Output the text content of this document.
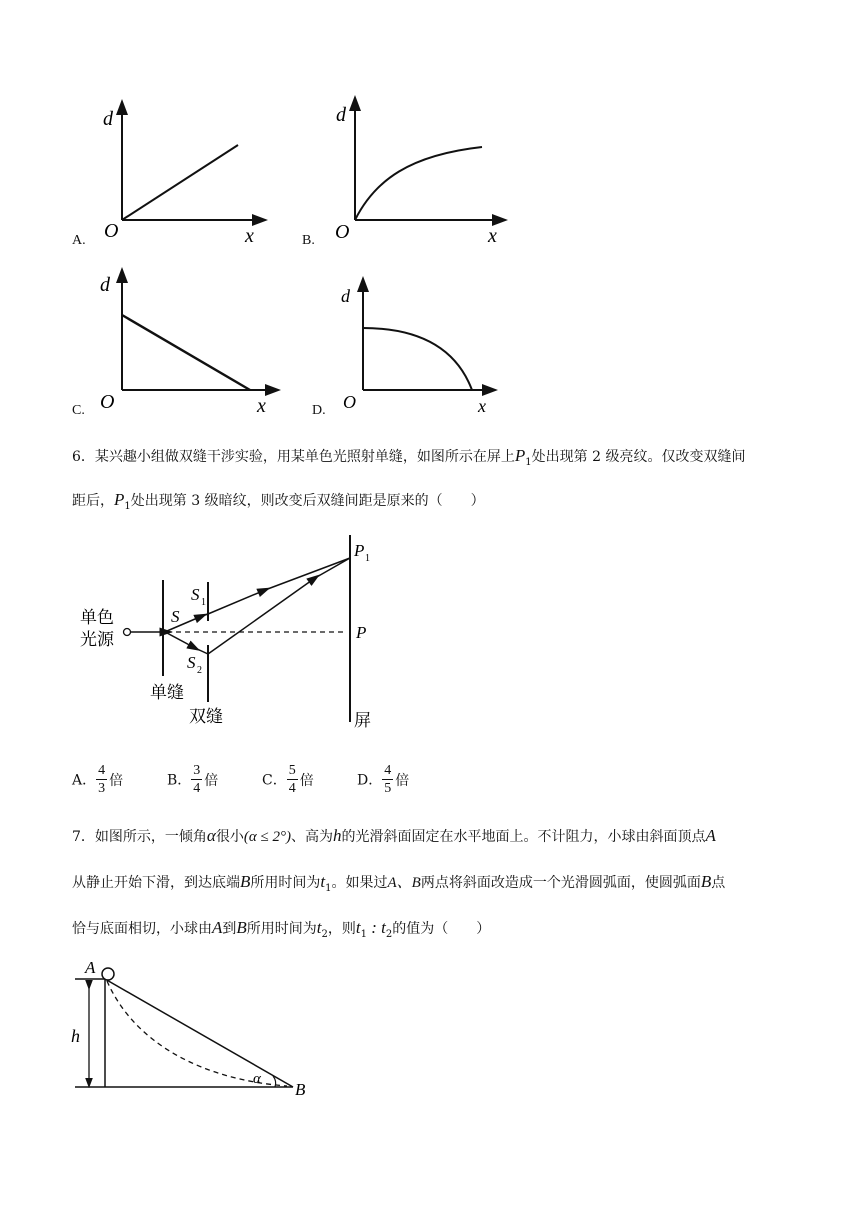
d
O	x
A.
d
O	x
B.
d
O	x
C.
d
O	x
D.
6．某兴趣小组做双缝干涉实验，用某单色光照射单缝，如图所示在屏上$P_1$处出现第 2 级亮纹。仅改变双缝间
距后，$P_1$处出现第 3 级暗纹，则改变后双缝间距是原来的（　　）
单色
光源
S
S 1
S 2
P 1
P
单缝
双缝	屏
A． $\frac{4}{3}$ 倍	B． $\frac{3}{4}$ 倍	C． $\frac{5}{4}$ 倍	D． $\frac{4}{5}$ 倍
7．如图所示，一倾角α很小(α ≤ 2°)、高为h的光滑斜面固定在水平地面上。不计阻力，小球由斜面顶点A
从静止开始下滑，到达底端B所用时间为$t_1$。如果过A、B两点将斜面改造成一个光滑圆弧面，使圆弧面B点
恰与底面相切，小球由A到B所用时间为$t_2$，则$t_1$ : $t_2$的值为（　　）
A
h
α
B
